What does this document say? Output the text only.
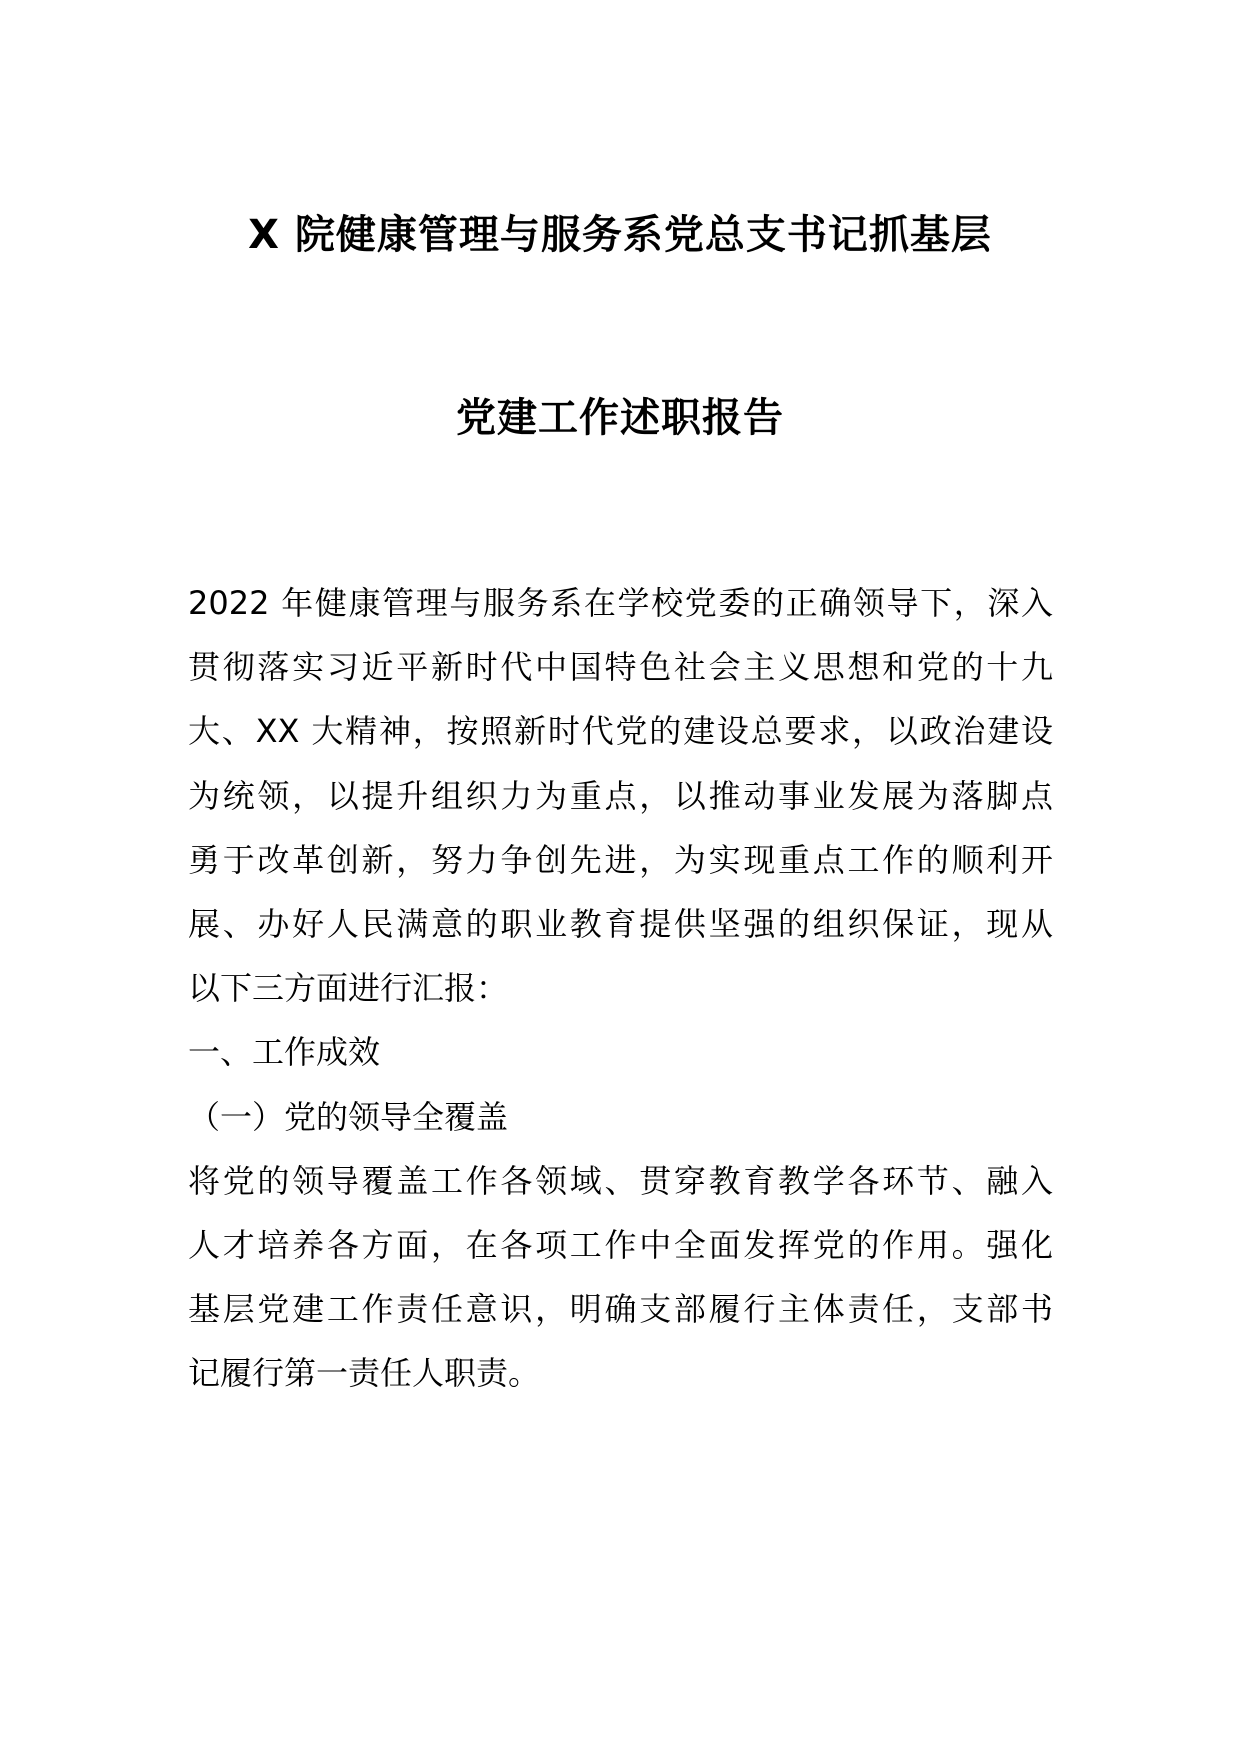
X 院健康管理与服务系党总支书记抓基层
党建工作述职报告
2022 年健康管理与服务系在学校党委的正确领导下，深入
贯彻落实习近平新时代中国特色社会主义思想和党的十九
大、XX 大精神，按照新时代党的建设总要求，以政治建设
为统领，以提升组织力为重点，以推动事业发展为落脚点
勇于改革创新，努力争创先进，为实现重点工作的顺利开
展、办好人民满意的职业教育提供坚强的组织保证，现从
以下三方面进行汇报：
一、工作成效
（一）党的领导全覆盖
将党的领导覆盖工作各领域、贯穿教育教学各环节、融入
人才培养各方面，在各项工作中全面发挥党的作用。强化
基层党建工作责任意识，明确支部履行主体责任，支部书
记履行第一责任人职责。
